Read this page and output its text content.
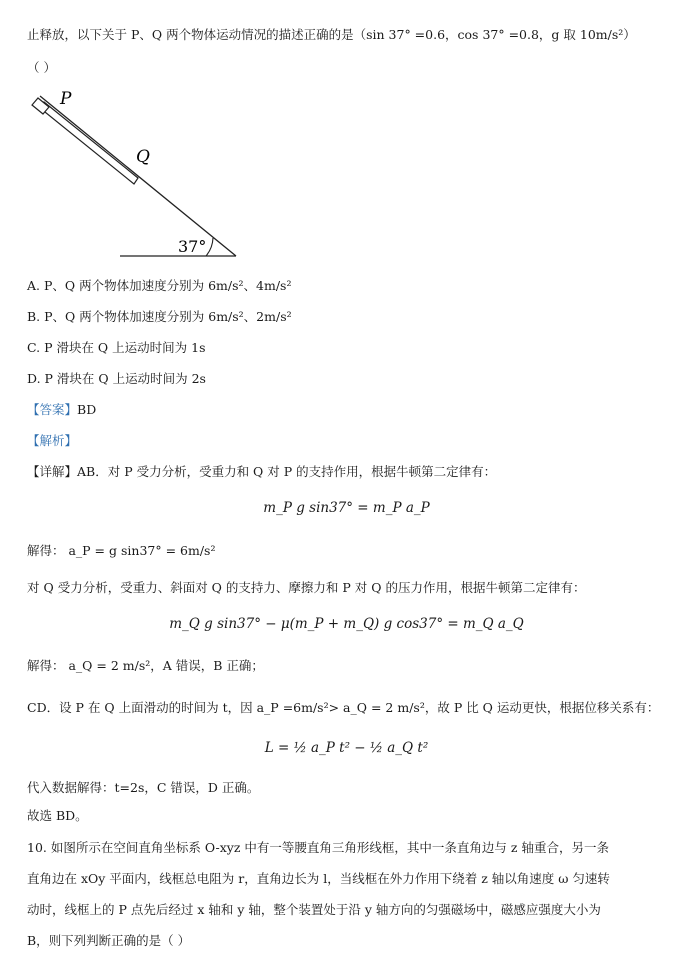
止释放，以下关于 P、Q 两个物体运动情况的描述正确的是（sin 37° =0.6，cos 37° =0.8，g 取 10m/s²）
（ ）
P
Q
37°
A. P、Q 两个物体加速度分别为 6m/s²、4m/s²
B. P、Q 两个物体加速度分别为 6m/s²、2m/s²
C. P 滑块在 Q 上运动时间为 1s
D. P 滑块在 Q 上运动时间为 2s
【答案】BD
【解析】
【详解】AB．对 P 受力分析，受重力和 Q 对 P 的支持作用，根据牛顿第二定律有：
m_P g sin37° = m_P a_P
解得： a_P = g sin37° = 6m/s²
对 Q 受力分析，受重力、斜面对 Q 的支持力、摩擦力和 P 对 Q 的压力作用，根据牛顿第二定律有：
m_Q g sin37° − μ(m_P + m_Q) g cos37° = m_Q a_Q
解得： a_Q = 2 m/s²，A 错误，B 正确；
CD．设 P 在 Q 上面滑动的时间为 t，因 a_P =6m/s²> a_Q = 2 m/s²，故 P 比 Q 运动更快，根据位移关系有：
L = ½ a_P t² − ½ a_Q t²
代入数据解得：t=2s，C 错误，D 正确。
故选 BD。
10. 如图所示在空间直角坐标系 O-xyz 中有一等腰直角三角形线框，其中一条直角边与 z 轴重合，另一条
直角边在 xOy 平面内，线框总电阻为 r，直角边长为 l，当线框在外力作用下绕着 z 轴以角速度 ω 匀速转
动时，线框上的 P 点先后经过 x 轴和 y 轴，整个装置处于沿 y 轴方向的匀强磁场中，磁感应强度大小为
B，则下列判断正确的是（ ）
